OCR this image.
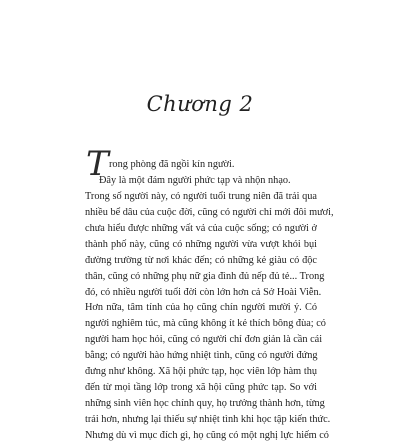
Chương 2
T rong phòng đã ngồi kín người.
Đây là một đám người phức tạp và nhộn nhạo.
Trong số người này, có người tuổi trung niên đã trải qua
nhiều bể dâu của cuộc đời, cũng có người chỉ mới đôi mươi,
chưa hiểu được những vất vả của cuộc sống; có người ở
thành phố này, cũng có những người vừa vượt khói bụi
đường trường từ nơi khác đến; có những kẻ giàu có độc
thân, cũng có những phụ nữ gia đình đủ nếp đủ tẻ... Trong
đó, có nhiều người tuổi đời còn lớn hơn cả Sở Hoài Viễn.
Hơn nữa, tâm tính của họ cũng chín người mười ý. Có
người nghiêm túc, mà cũng không ít kẻ thích bông đùa; có
người ham học hỏi, cũng có người chỉ đơn giản là cần cái
bằng; có người hào hứng nhiệt tình, cũng có người đứng
đưng như không. Xã hội phức tạp, học viên lớp hàm thụ
đến từ mọi tầng lớp trong xã hội cũng phức tạp. So với
những sinh viên học chính quy, họ trưởng thành hơn, từng
trải hơn, nhưng lại thiếu sự nhiệt tình khi học tập kiến thức.
Nhưng dù vì mục đích gì, họ cũng có một nghị lực hiếm có
